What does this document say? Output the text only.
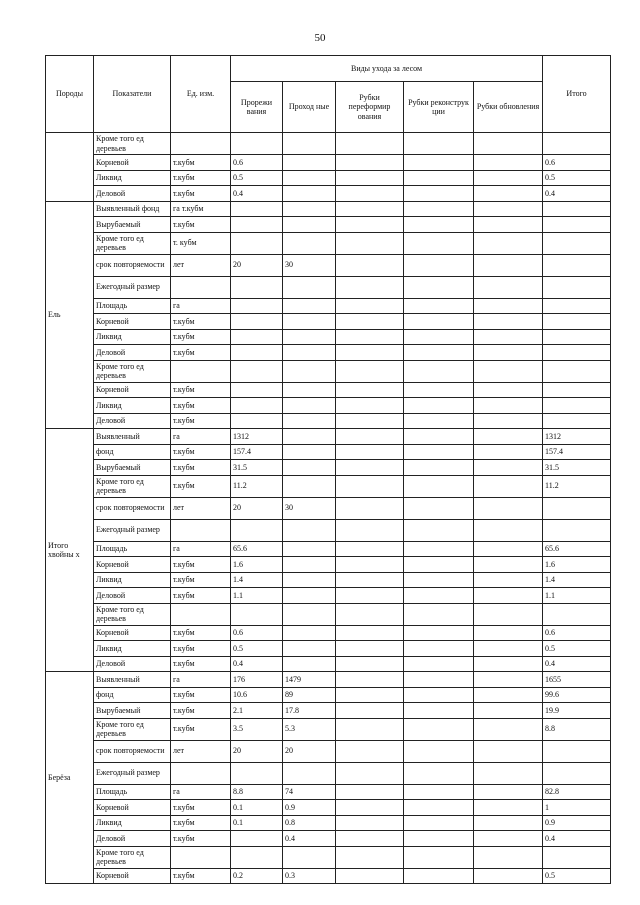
50
Породы	Показатели	Ед. изм.	Виды ухода за лесом					Итого
			Прорежи вания	Проход ные	Рубки переформир ования	Рубки реконструк ции	Рубки обновления	
	Кроме того ед деревьев							
	Корневой	т.кубм	0.6					0.6
	Ликвид	т.кубм	0.5					0.5
	Деловой	т.кубм	0.4					0.4
Ель	Выявленный фонд	га т.кубм						
	Вырубаемый	т.кубм						
	Кроме того ед деревьев	т. кубм						
	срок повторяемости	лет	20	30				
	Ежегодный размер							
	Площадь	га						
	Корневой	т.кубм						
	Ликвид	т.кубм						
	Деловой	т.кубм						
	Кроме того ед деревьев							
	Корневой	т.кубм						
	Ликвид	т.кубм						
	Деловой	т.кубм						
Итого хвойны х	Выявленный	га	1312					1312
	фонд	т.кубм	157.4					157.4
	Вырубаемый	т.кубм	31.5					31.5
	Кроме того ед деревьев	т.кубм	11.2					11.2
	срок повторяемости	лет	20	30				
	Ежегодный размер							
	Площадь	га	65.6					65.6
	Корневой	т.кубм	1.6					1.6
	Ликвид	т.кубм	1.4					1.4
	Деловой	т.кубм	1.1					1.1
	Кроме того ед деревьев							
	Корневой	т.кубм	0.6					0.6
	Ликвид	т.кубм	0.5					0.5
	Деловой	т.кубм	0.4					0.4
Берёза	Выявленный	га	176	1479				1655
	фонд	т.кубм	10.6	89				99.6
	Вырубаемый	т.кубм	2.1	17.8				19.9
	Кроме того ед деревьев	т.кубм	3.5	5.3				8.8
	срок повторяемости	лет	20	20				
	Ежегодный размер							
	Площадь	га	8.8	74				82.8
	Корневой	т.кубм	0.1	0.9				1
	Ликвид	т.кубм	0.1	0.8				0.9
	Деловой	т.кубм		0.4				0.4
	Кроме того ед деревьев							
	Корневой	т.кубм	0.2	0.3				0.5
